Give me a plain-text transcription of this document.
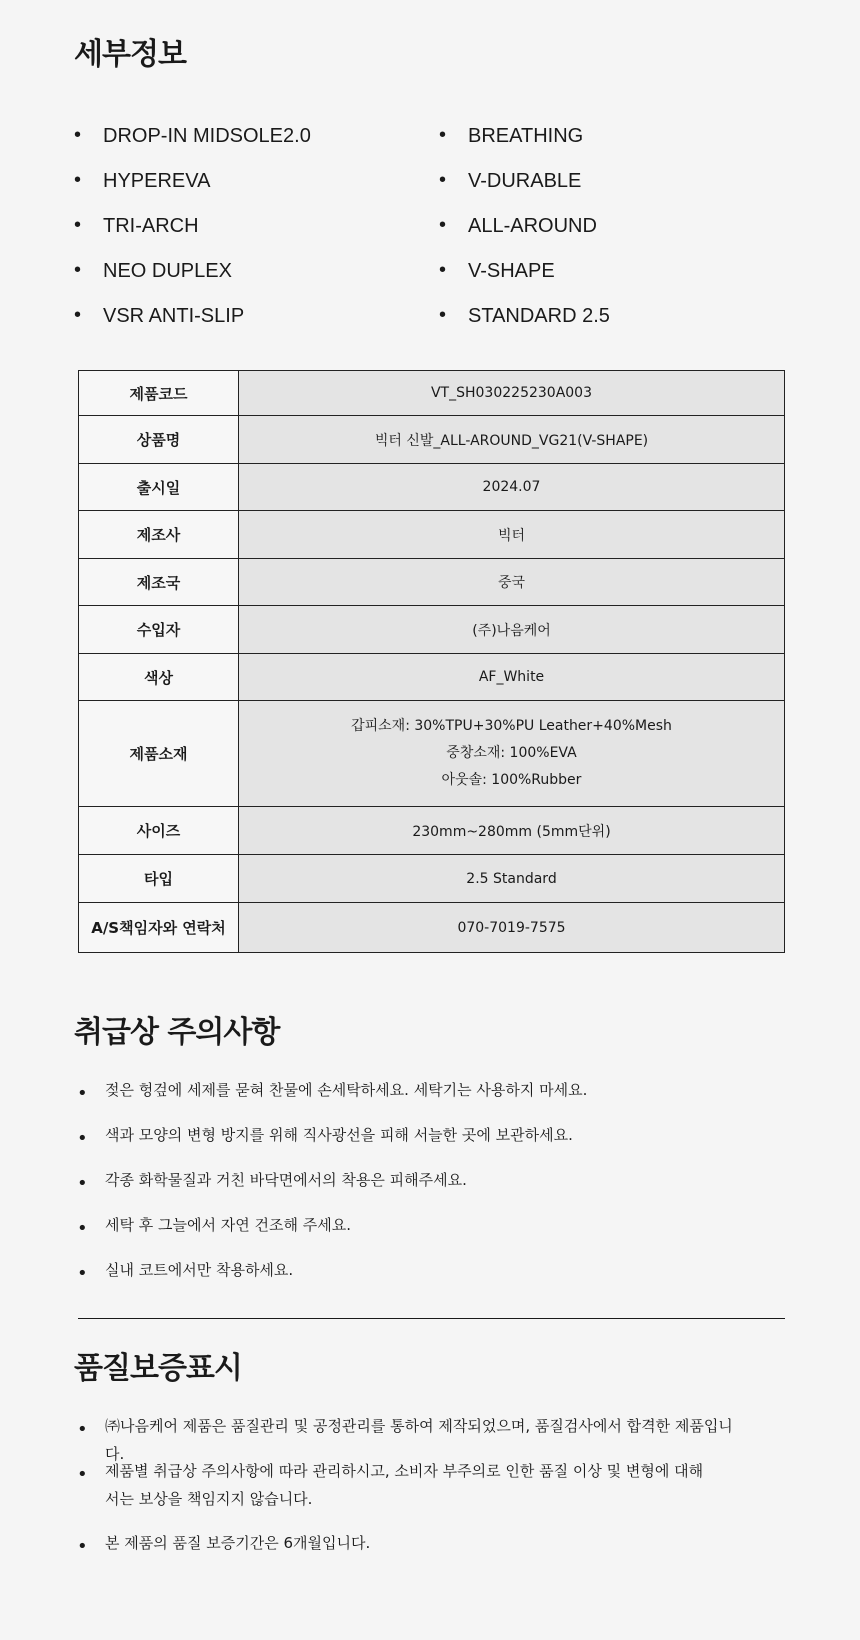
세부정보
• DROP-IN MIDSOLE2.0
• HYPEREVA
• TRI-ARCH
• NEO DUPLEX
• VSR ANTI-SLIP
• BREATHING
• V-DURABLE
• ALL-AROUND
• V-SHAPE
• STANDARD 2.5
제품코드	VT_SH030225230A003
상품명	빅터 신발_ALL-AROUND_VG21(V-SHAPE)
출시일	2024.07
제조사	빅터
제조국	중국
수입자	(주)나음케어
색상	AF_White
제품소재	갑피소재: 30%TPU+30%PU Leather+40%Mesh
중창소재: 100%EVA
아웃솔: 100%Rubber

사이즈	230mm~280mm (5mm단위)
타입	2.5 Standard
A/S책임자와 연락처	070-7019-7575
취급상 주의사항
• 젖은 헝겊에 세제를 묻혀 찬물에 손세탁하세요. 세탁기는 사용하지 마세요.
• 색과 모양의 변형 방지를 위해 직사광선을 피해 서늘한 곳에 보관하세요.
• 각종 화학물질과 거친 바닥면에서의 착용은 피해주세요.
• 세탁 후 그늘에서 자연 건조해 주세요.
• 실내 코트에서만 착용하세요.
품질보증표시
• ㈜나음케어 제품은 품질관리 및 공정관리를 통하여 제작되었으며, 품질검사에서 합격한 제품입니다.
• 제품별 취급상 주의사항에 따라 관리하시고, 소비자 부주의로 인한 품질 이상 및 변형에 대해서는 보상을 책임지지 않습니다.
• 본 제품의 품질 보증기간은 6개월입니다.
